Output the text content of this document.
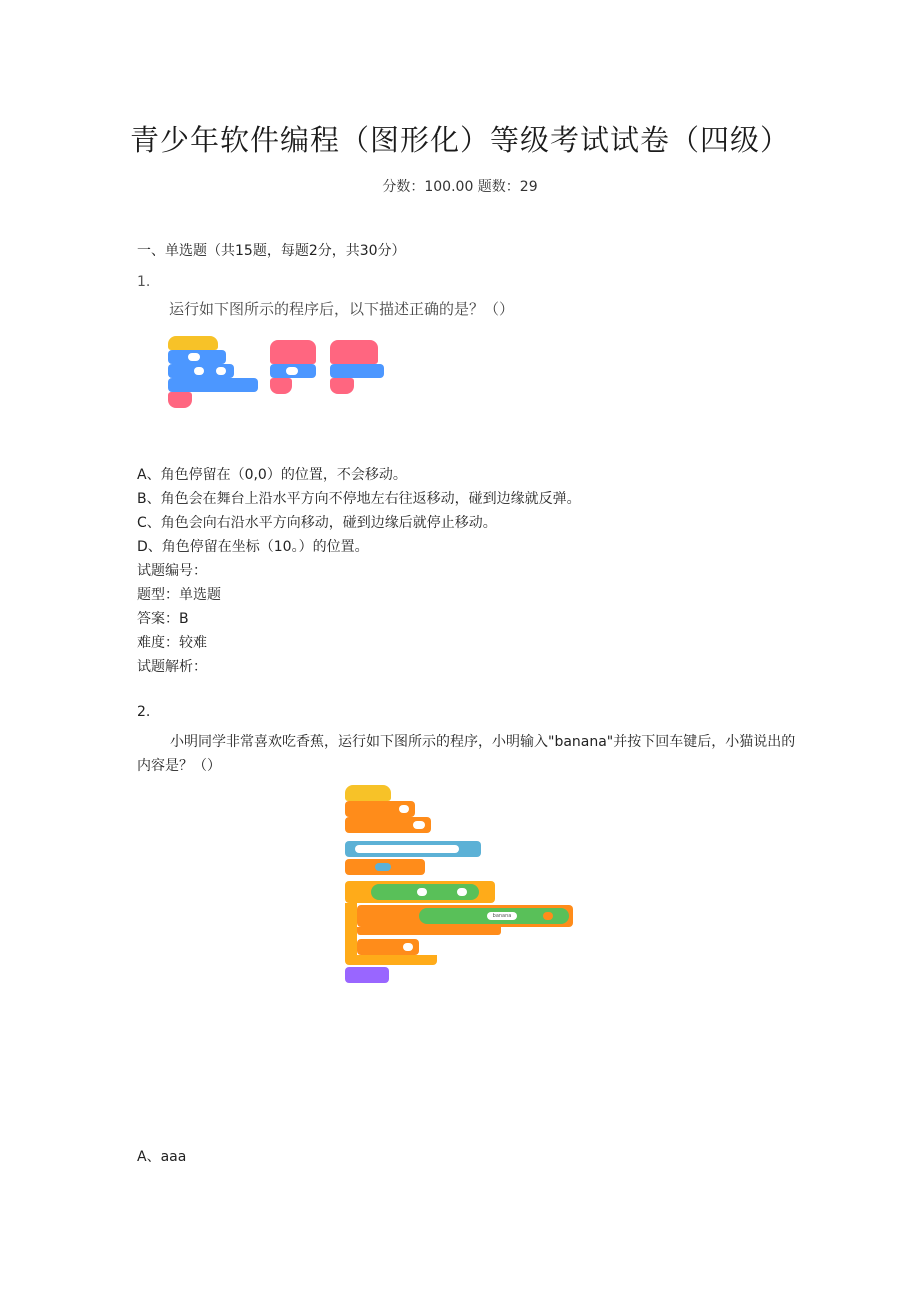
青少年软件编程（图形化）等级考试试卷（四级）
分数：100.00 题数：29
一、单选题（共15题，每题2分，共30分）
1.
运行如下图所示的程序后，以下描述正确的是？（）
A、角色停留在（0,0）的位置，不会移动。
B、角色会在舞台上沿水平方向不停地左右往返移动，碰到边缘就反弹。
C、角色会向右沿水平方向移动，碰到边缘后就停止移动。
D、角色停留在坐标（10。）的位置。
试题编号：
题型：单选题
答案：B
难度：较难
试题解析：
2.
小明同学非常喜欢吃香蕉，运行如下图所示的程序，小明输入"banana"并按下回车键后，小猫说出的内容是？（）
banana
A、aaa
